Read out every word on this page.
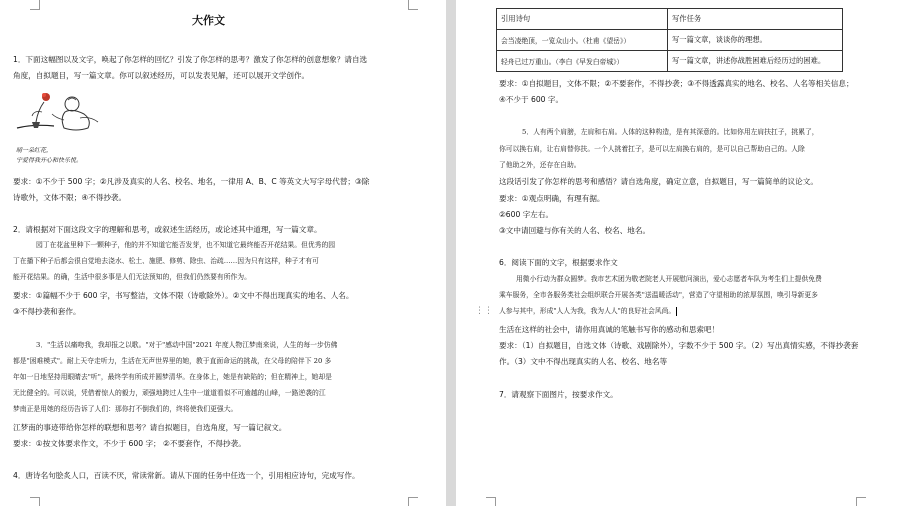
大作文
1．下面这幅图以及文字，唤起了你怎样的回忆？引发了你怎样的思考？激发了你怎样的创意想象？请自选
角度，自拟题目，写一篇文章。你可以叙述经历，可以发表见解，还可以展开文学创作。
晴一朵红花，
宁爱得我开心和快乐悦。
要求：①不少于 500 字；②凡涉及真实的人名、校名、地名，一律用 A、B、C 等英文大写字母代替；③除
诗歌外，文体不限；④不得抄袭。
2．请根据对下面这段文字的理解和思考，或叙述生活经历，或论述其中道理，写一篇文章。
园丁在花盆里种下一颗种子，他的并不知道它能否发芽，也不知道它最终能否开花结果。但优秀的园
丁在播下种子后都会很自觉地去浇水、松土、施肥、修剪、除虫、治疏……因为只有这样，种子才有可
能开花结果。的确，生活中很多事是人们无法预知的，但我们仍然要有所作为。
要求：①篇幅不少于 600 字，书写整洁，文体不限（诗歌除外）。②文中不得出现真实的地名、人名。
③不得抄袭和套作。
3．"生活以痛吻我，我却报之以歌。"对于"感动中国"2021 年度人物江梦南来说，人生的每一步仿佛
都是"困难模式"。耐上天夺走听力，生活在无声世界里的她，教于直面命运的挑战，在父母的陪伴下 20 多
年如一日地坚持用眼睛去"听"，最终学有所成并圆梦清华。在身体上，她是有缺陷的；但在精神上，她却是
无比健全的。可以说，凭借着惊人的毅力，顽强地跨过人生中一道道看似不可逾越的山峰，一路逆袭的江
梦南正是用她的经历告诉了人们：那你打不倒我们的，终将使我们更强大。
江梦南的事迹带给你怎样的联想和思考？请自拟题目，自选角度，写一篇记叙文。
要求：①按文体要求作文，不少于 600 字； ②不要套作，不得抄袭。
4．唐诗名句脍炙人口，百读不厌，常读常新。请从下面的任务中任选一个，引用相应诗句，完成写作。
引用诗句	写作任务
会当凌绝顶，一览众山小。（杜甫《望岳》）	写一篇文章，谈谈你的理想。
轻舟已过万重山。（李白《早发白帝城》）	写一篇文章，讲述你战胜困难后经历过的困难。
要求：①自拟题目，文体不限；②不要套作，不得抄袭；③不得透露真实的地名、校名、人名等相关信息；
④不少于 600 字。
5．人有两个肩膀，左肩和右肩。人体的这种构造，是有其深意的。比如你用左肩扶扛子，挑累了，
你可以换右肩，让右肩替你扶。一个人挑着扛子，是可以左肩换右肩的，是可以自己帮助自己的。人除
了他助之外，还存在自助。
这段话引发了你怎样的思考和感悟？请自选角度，确定立意，自拟题目，写一篇简单的议论文。
要求：①观点明确，有理有据。
②600 字左右。
③文中请回避与你有关的人名、校名、地名。
6．阅读下面的文字，根据要求作文
⋮⋮
用微小行动为群众圆梦。我市艺术团为敬老院老人开展慰问演出，爱心志愿者车队为考生们上提供免费
乘车服务，全市各服务类社会组织联合开展各类"送温暖活动"，营造了守望相助的浓厚氛围，唤引导新更多
人参与其中，形成"人人为我，我为人人"的良好社会风尚。
生活在这样的社会中，请你用真诚的笔触书写你的感动和思索吧！
要求：（1）自拟题目，自选文体（诗歌、戏剧除外），字数不少于 500 字。（2）写出真情实感，不得抄袭套
作。（3）文中不得出现真实的人名、校名、地名等
7．请观察下面图片，按要求作文。
